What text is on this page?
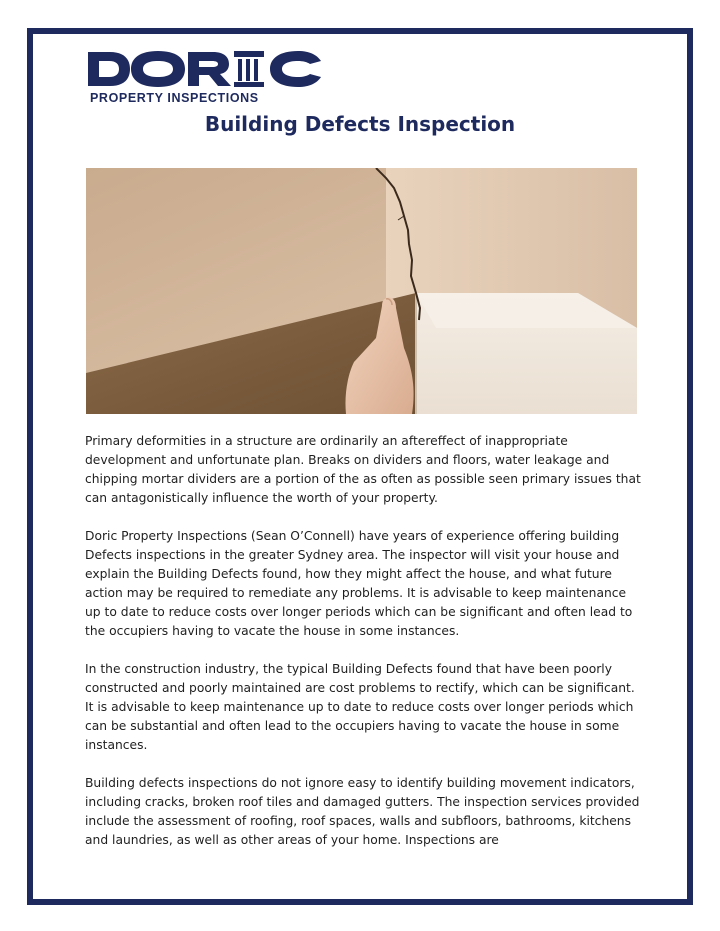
PROPERTY INSPECTIONS
Building Defects Inspection

Primary deformities in a structure are ordinarily an aftereffect of inappropriate development and unfortunate plan. Breaks on dividers and floors, water leakage and chipping mortar dividers are a portion of the as often as possible seen primary issues that can antagonistically influence the worth of your property.

Doric Property Inspections (Sean O’Connell) have years of experience offering building Defects inspections in the greater Sydney area. The inspector will visit your house and explain the Building Defects found, how they might affect the house, and what future action may be required to remediate any problems. It is advisable to keep maintenance up to date to reduce costs over longer periods which can be significant and often lead to the occupiers having to vacate the house in some instances.

In the construction industry, the typical Building Defects found that have been poorly constructed and poorly maintained are cost problems to rectify, which can be significant. It is advisable to keep maintenance up to date to reduce costs over longer periods which can be substantial and often lead to the occupiers having to vacate the house in some instances.

Building defects inspections do not ignore easy to identify building movement indicators, including cracks, broken roof tiles and damaged gutters. The inspection services provided include the assessment of roofing, roof spaces, walls and subfloors, bathrooms, kitchens and laundries, as well as other areas of your home. Inspections are
